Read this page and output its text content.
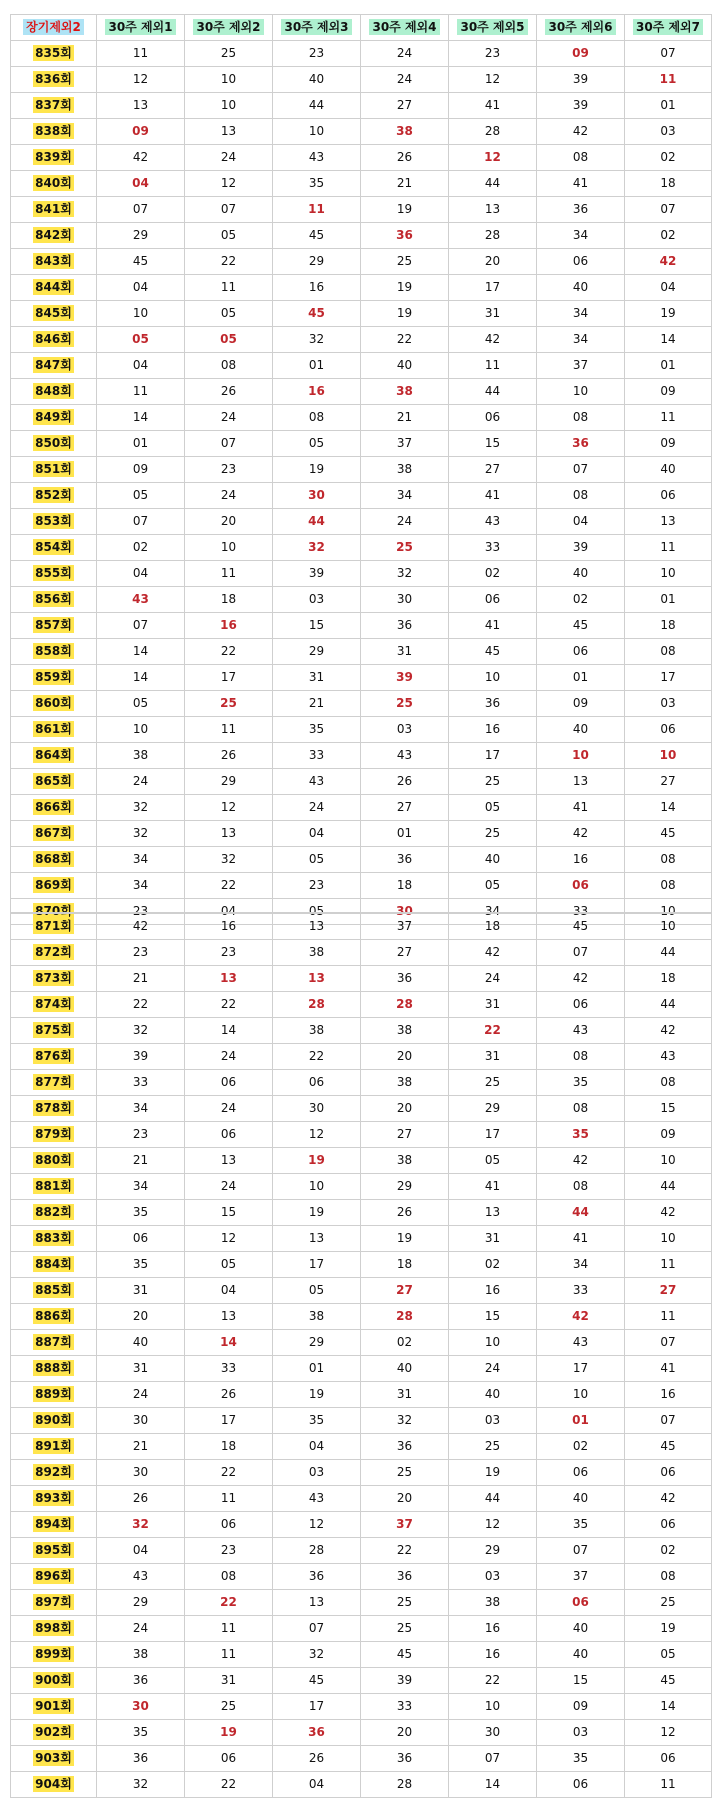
장기제외2	30주 제외1	30주 제외2	30주 제외3	30주 제외4	30주 제외5	30주 제외6	30주 제외7
835회	11	25	23	24	23	09	07
836회	12	10	40	24	12	39	11
837회	13	10	44	27	41	39	01
838회	09	13	10	38	28	42	03
839회	42	24	43	26	12	08	02
840회	04	12	35	21	44	41	18
841회	07	07	11	19	13	36	07
842회	29	05	45	36	28	34	02
843회	45	22	29	25	20	06	42
844회	04	11	16	19	17	40	04
845회	10	05	45	19	31	34	19
846회	05	05	32	22	42	34	14
847회	04	08	01	40	11	37	01
848회	11	26	16	38	44	10	09
849회	14	24	08	21	06	08	11
850회	01	07	05	37	15	36	09
851회	09	23	19	38	27	07	40
852회	05	24	30	34	41	08	06
853회	07	20	44	24	43	04	13
854회	02	10	32	25	33	39	11
855회	04	11	39	32	02	40	10
856회	43	18	03	30	06	02	01
857회	07	16	15	36	41	45	18
858회	14	22	29	31	45	06	08
859회	14	17	31	39	10	01	17
860회	05	25	21	25	36	09	03
861회	10	11	35	03	16	40	06
864회	38	26	33	43	17	10	10
865회	24	29	43	26	25	13	27
866회	32	12	24	27	05	41	14
867회	32	13	04	01	25	42	45
868회	34	32	05	36	40	16	08
869회	34	22	23	18	05	06	08
870회	23	04	05	30	34	33	10
871회	42	16	13	37	18	45	10
872회	23	23	38	27	42	07	44
873회	21	13	13	36	24	42	18
874회	22	22	28	28	31	06	44
875회	32	14	38	38	22	43	42
876회	39	24	22	20	31	08	43
877회	33	06	06	38	25	35	08
878회	34	24	30	20	29	08	15
879회	23	06	12	27	17	35	09
880회	21	13	19	38	05	42	10
881회	34	24	10	29	41	08	44
882회	35	15	19	26	13	44	42
883회	06	12	13	19	31	41	10
884회	35	05	17	18	02	34	11
885회	31	04	05	27	16	33	27
886회	20	13	38	28	15	42	11
887회	40	14	29	02	10	43	07
888회	31	33	01	40	24	17	41
889회	24	26	19	31	40	10	16
890회	30	17	35	32	03	01	07
891회	21	18	04	36	25	02	45
892회	30	22	03	25	19	06	06
893회	26	11	43	20	44	40	42
894회	32	06	12	37	12	35	06
895회	04	23	28	22	29	07	02
896회	43	08	36	36	03	37	08
897회	29	22	13	25	38	06	25
898회	24	11	07	25	16	40	19
899회	38	11	32	45	16	40	05
900회	36	31	45	39	22	15	45
901회	30	25	17	33	10	09	14
902회	35	19	36	20	30	03	12
903회	36	06	26	36	07	35	06
904회	32	22	04	28	14	06	11
